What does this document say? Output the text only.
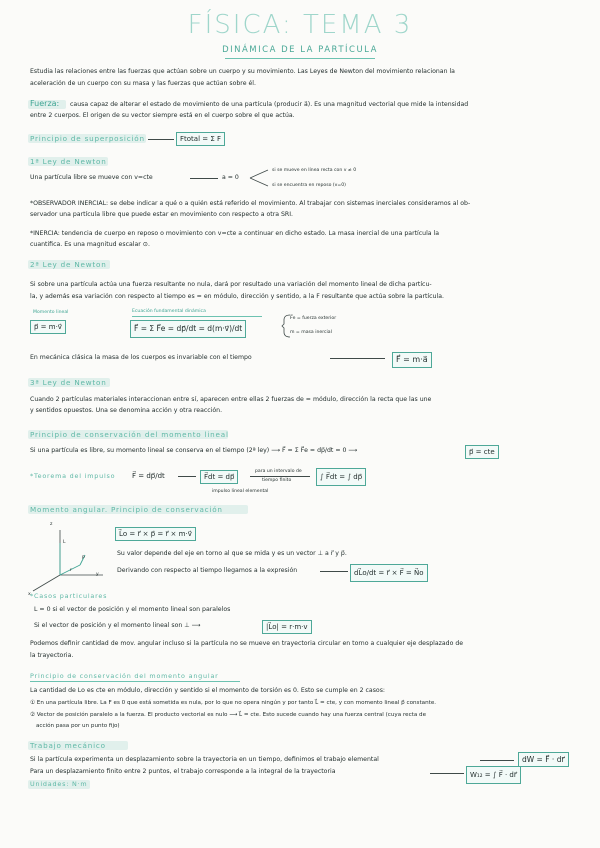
FÍSICA: TEMA 3
DINÁMICA DE LA PARTÍCULA
Estudia las relaciones entre las fuerzas que actúan sobre un cuerpo y su movimiento. Las Leyes de Newton del movimiento relacionan la
aceleración de un cuerpo con su masa y las fuerzas que actúan sobre él.
Fuerza: causa capaz de alterar el estado de movimiento de una partícula (producir a⃗). Es una magnitud vectorial que mide la intensidad
entre 2 cuerpos. El origen de su vector siempre está en el cuerpo sobre el que actúa.
Principio de superposición	Ftotal = Σ F
1ª Ley de Newton
Una partícula libre se mueve con v=cte	a = 0
si se mueve en línea recta con v ≠ 0
si se encuentra en reposo (v=0)
*OBSERVADOR INERCIAL: se debe indicar a qué o a quién está referido el movimiento. Al trabajar con sistemas inerciales consideramos al ob-
servador una partícula libre que puede estar en movimiento con respecto a otra SRI.
*INERCIA: tendencia de cuerpo en reposo o movimiento con v=cte a continuar en dicho estado. La masa inercial de una partícula la
cuantifica. Es una magnitud escalar ⊙.
2ª Ley de Newton
Si sobre una partícula actúa una fuerza resultante no nula, dará por resultado una variación del momento lineal de dicha partícu-
la, y además esa variación con respecto al tiempo es = en módulo, dirección y sentido, a la F resultante que actúa sobre la partícula.
Momento lineal
p⃗ = m·v⃗
Ecuación fundamental dinámica
F⃗ = Σ F⃗e = dp⃗/dt = d(m·v⃗)/dt
F⃗e = fuerza exterior
m = masa inercial
En mecánica clásica la masa de los cuerpos es invariable con el tiempo	F⃗ = m·a⃗
3ª Ley de Newton
Cuando 2 partículas materiales interaccionan entre sí, aparecen entre ellas 2 fuerzas de = módulo, dirección la recta que las une
y sentidos opuestos. Una se denomina acción y otra reacción.
Principio de conservación del momento lineal
Si una partícula es libre, su momento lineal se conserva en el tiempo (2ª ley) ⟶ F⃗ = Σ F⃗e = dp⃗/dt = 0 ⟶	p⃗ = cte
*Teorema del impulso F⃗ = dp⃗/dt	F⃗dt = dp⃗
para un intervalo de
tiempo finito
impulso lineal elemental
∫ F⃗dt = ∫ dp⃗
Momento angular. Principio de conservación
z
L
y
x
r
P
L⃗o = r⃗ × p⃗ = r⃗ × m·v⃗
Su valor depende del eje en torno al que se mida y es un vector ⊥ a r⃗ y p⃗.
Derivando con respecto al tiempo llegamos a la expresión	dL⃗o/dt = r⃗ × F⃗ = N⃗o
*Casos particulares
L = 0 si el vector de posición y el momento lineal son paralelos
Si el vector de posición y el momento lineal son ⊥ ⟶	|L⃗o| = r·m·v
Podemos definir cantidad de mov. angular incluso si la partícula no se mueve en trayectoria circular en torno a cualquier eje desplazado de
la trayectoria.
Principio de conservación del momento angular
La cantidad de Lo es cte en módulo, dirección y sentido si el momento de torsión es 0. Esto se cumple en 2 casos:
① En una partícula libre. La F es 0 que está sometida es nula, por lo que no opera ningún y por tanto L⃗ = cte, y con momento lineal p⃗ constante.
② Vector de posición paralelo a la fuerza. El producto vectorial es nulo ⟶ L⃗ = cte. Esto sucede cuando hay una fuerza central (cuya recta de
acción pasa por un punto fijo)
Trabajo mecánico
Si la partícula experimenta un desplazamiento sobre la trayectoria en un tiempo, definimos el trabajo elemental	dW = F⃗ · dr⃗
Para un desplazamiento finito entre 2 puntos, el trabajo corresponde a la integral de la trayectoria	W₁₂ = ∫ F⃗ · dr⃗
Unidades: N·m
